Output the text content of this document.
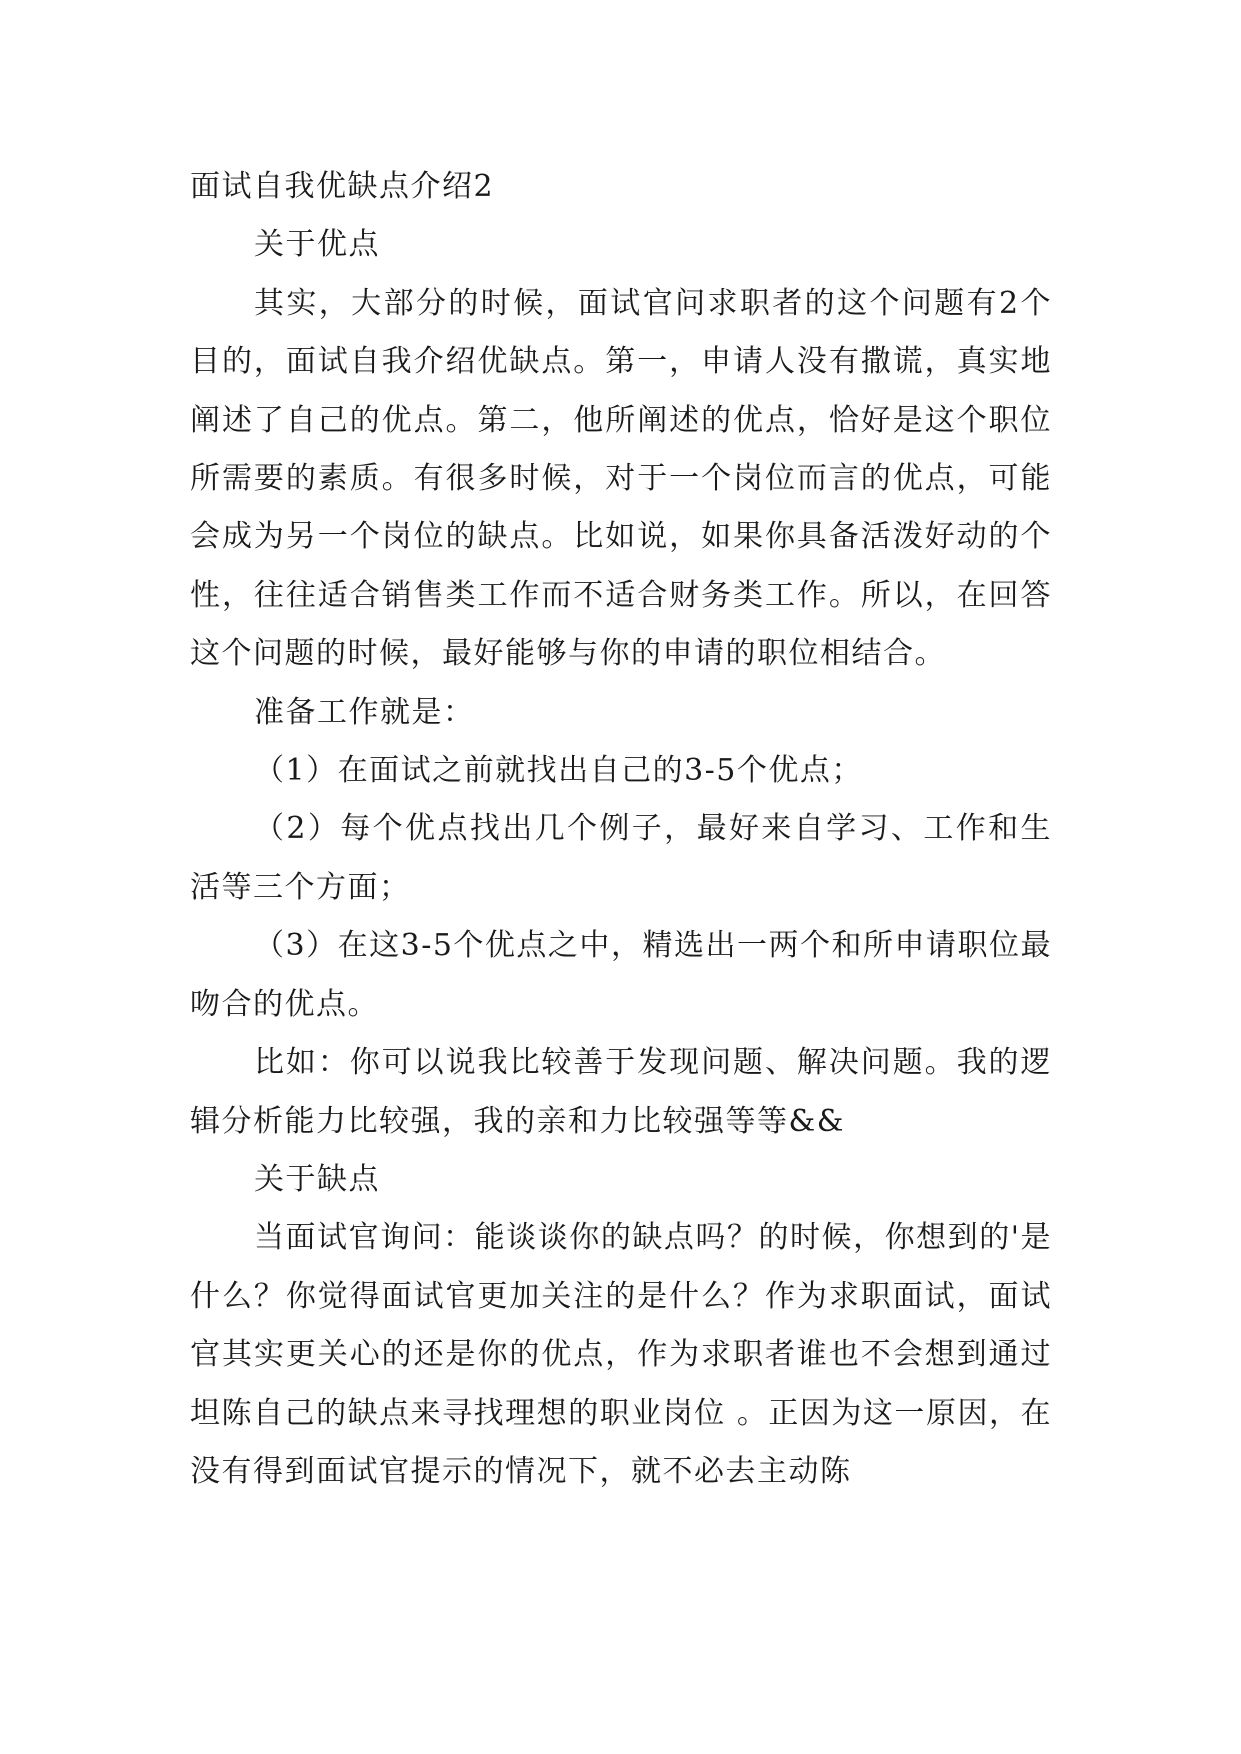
面试自我优缺点介绍2

关于优点

其实，大部分的时候，面试官问求职者的这个问题有2个目的，面试自我介绍优缺点。第一，申请人没有撒谎，真实地阐述了自己的优点。第二，他所阐述的优点，恰好是这个职位所需要的素质。有很多时候，对于一个岗位而言的优点，可能会成为另一个岗位的缺点。比如说，如果你具备活泼好动的个性，往往适合销售类工作而不适合财务类工作。所以，在回答这个问题的时候，最好能够与你的申请的职位相结合。

准备工作就是：

（1）在面试之前就找出自己的3-5个优点；

（2）每个优点找出几个例子，最好来自学习、工作和生活等三个方面；

（3）在这3-5个优点之中，精选出一两个和所申请职位最吻合的优点。

比如：你可以说我比较善于发现问题、解决问题。我的逻辑分析能力比较强，我的亲和力比较强等等&&

关于缺点

当面试官询问：能谈谈你的缺点吗？的时候，你想到的'是什么？你觉得面试官更加关注的是什么？作为求职面试，面试官其实更关心的还是你的优点，作为求职者谁也不会想到通过坦陈自己的缺点来寻找理想的职业岗位 。正因为这一原因，在没有得到面试官提示的情况下，就不必去主动陈
